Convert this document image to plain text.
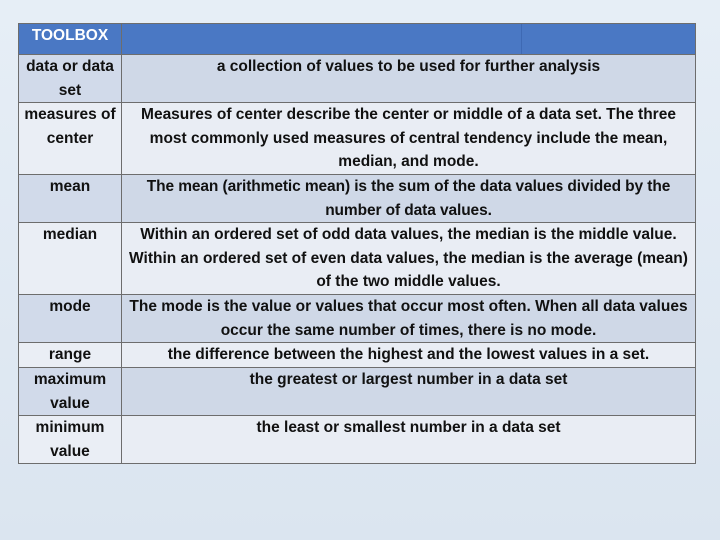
TOOLBOX	

data or data set	a collection of values to be used for further analysis
measures of center	Measures of center describe the center or middle of a data set. The three most commonly used measures of central tendency include the mean, median, and mode.
mean	The mean (arithmetic mean) is the sum of the data values divided by the number of data values.
median	Within an ordered set of odd data values, the median is the middle value. Within an ordered set of even data values, the median is the average (mean) of the two middle values.
mode	The mode is the value or values that occur most often. When all data values occur the same number of times, there is no mode.
range	the difference between the highest and the lowest values in a set.
maximum value	the greatest or largest number in a data set
minimum value	the least or smallest number in a data set
